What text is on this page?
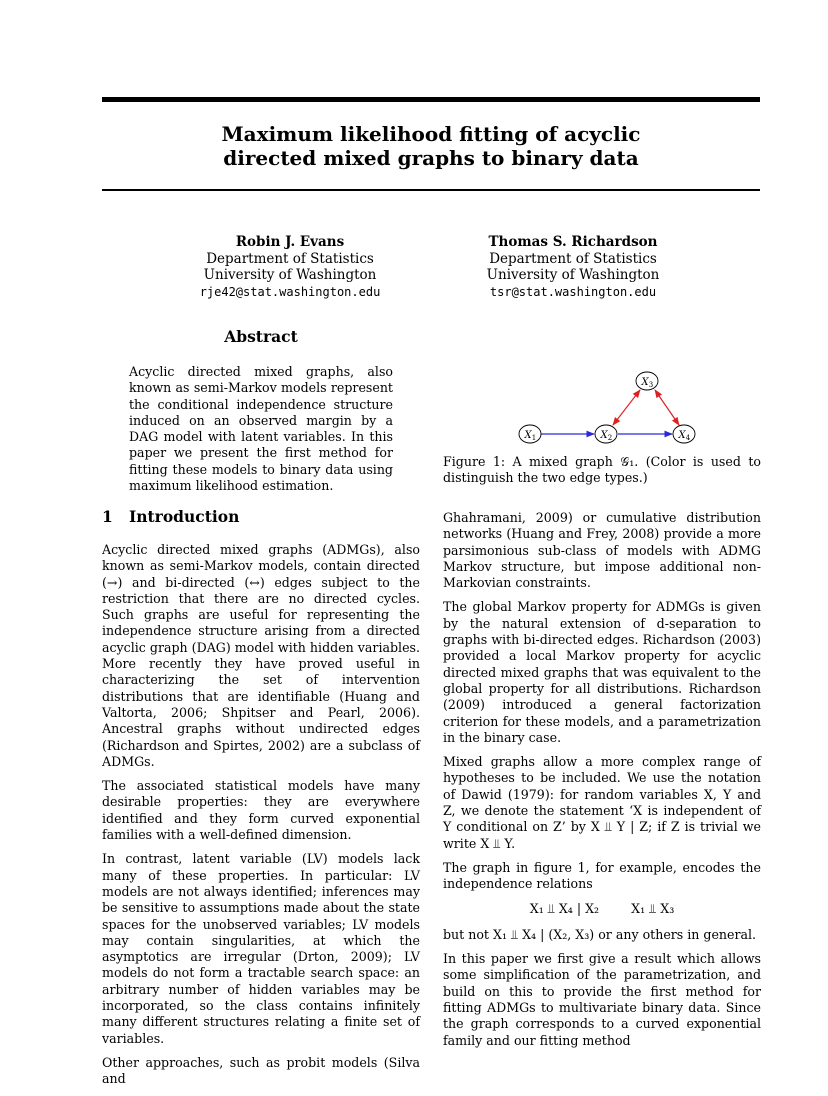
Maximum likelihood fitting of acyclic
directed mixed graphs to binary data
Robin J. Evans
Department of Statistics
University of Washington
rje42@stat.washington.edu
Thomas S. Richardson
Department of Statistics
University of Washington
tsr@stat.washington.edu
Abstract
Acyclic directed mixed graphs, also known as semi-Markov models represent the conditional independence structure induced on an observed margin by a DAG model with latent variables. In this paper we present the first method for fitting these models to binary data using maximum likelihood estimation.
X 1	X 2
X 3
X 4
Figure 1: A mixed graph 𝒢₁. (Color is used to distinguish the two edge types.)
1 Introduction

Acyclic directed mixed graphs (ADMGs), also known as semi-Markov models, contain directed (→) and bi-directed (↔) edges subject to the restriction that there are no directed cycles. Such graphs are useful for representing the independence structure arising from a directed acyclic graph (DAG) model with hidden variables. More recently they have proved useful in characterizing the set of intervention distributions that are identifiable (Huang and Valtorta, 2006; Shpitser and Pearl, 2006). Ancestral graphs without undirected edges (Richardson and Spirtes, 2002) are a subclass of ADMGs.

The associated statistical models have many desirable properties: they are everywhere identified and they form curved exponential families with a well-defined dimension.

In contrast, latent variable (LV) models lack many of these properties. In particular: LV models are not always identified; inferences may be sensitive to assumptions made about the state spaces for the unobserved variables; LV models may contain singularities, at which the asymptotics are irregular (Drton, 2009); LV models do not form a tractable search space: an arbitrary number of hidden variables may be incorporated, so the class contains infinitely many different structures relating a finite set of variables.

Other approaches, such as probit models (Silva and

Ghahramani, 2009) or cumulative distribution networks (Huang and Frey, 2008) provide a more parsimonious sub-class of models with ADMG Markov structure, but impose additional non-Markovian constraints.

The global Markov property for ADMGs is given by the natural extension of d-separation to graphs with bi-directed edges. Richardson (2003) provided a local Markov property for acyclic directed mixed graphs that was equivalent to the global property for all distributions. Richardson (2009) introduced a general factorization criterion for these models, and a parametrization in the binary case.

Mixed graphs allow a more complex range of hypotheses to be included. We use the notation of Dawid (1979): for random variables X, Y and Z, we denote the statement ‘X is independent of Y conditional on Z’ by X ⫫ Y | Z; if Z is trivial we write X ⫫ Y.

The graph in figure 1, for example, encodes the independence relations

X₁ ⫫ X₄ | X₂	X₁ ⫫ X₃

but not X₁ ⫫ X₄ | (X₂, X₃) or any others in general.

In this paper we first give a result which allows some simplification of the parametrization, and build on this to provide the first method for fitting ADMGs to multivariate binary data. Since the graph corresponds to a curved exponential family and our fitting method
